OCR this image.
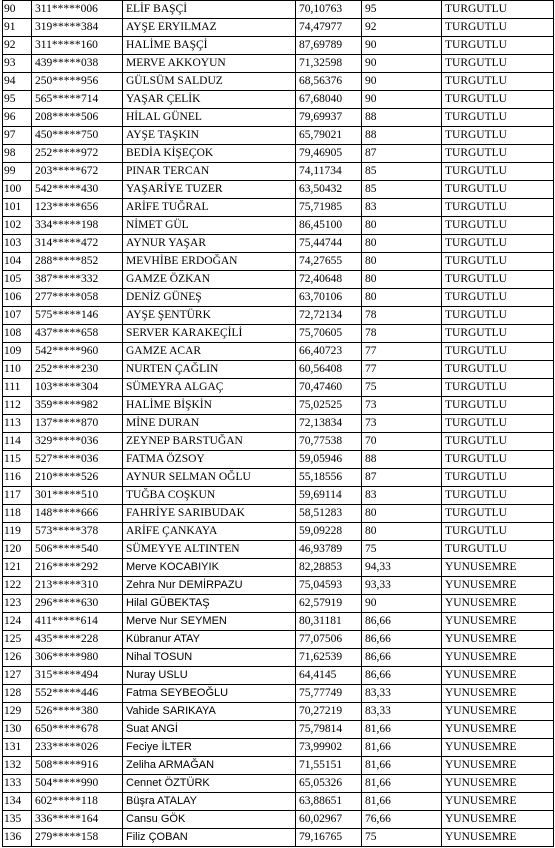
90	311*****006	ELİF BAŞÇİ	70,10763	95	TURGUTLU
91	319*****384	AYŞE ERYILMAZ	74,47977	92	TURGUTLU
92	311*****160	HALİME BAŞÇİ	87,69789	90	TURGUTLU
93	439*****038	MERVE AKKOYUN	71,32598	90	TURGUTLU
94	250*****956	GÜLSÜM SALDUZ	68,56376	90	TURGUTLU
95	565*****714	YAŞAR ÇELİK	67,68040	90	TURGUTLU
96	208*****506	HİLAL GÜNEL	79,69937	88	TURGUTLU
97	450*****750	AYŞE TAŞKIN	65,79021	88	TURGUTLU
98	252*****972	BEDİA KİŞEÇOK	79,46905	87	TURGUTLU
99	203*****672	PINAR TERCAN	74,11734	85	TURGUTLU
100	542*****430	YAŞARİYE TUZER	63,50432	85	TURGUTLU
101	123*****656	ARİFE TUĞRAL	75,71985	83	TURGUTLU
102	334*****198	NİMET GÜL	86,45100	80	TURGUTLU
103	314*****472	AYNUR YAŞAR	75,44744	80	TURGUTLU
104	288*****852	MEVHİBE ERDOĞAN	74,27655	80	TURGUTLU
105	387*****332	GAMZE ÖZKAN	72,40648	80	TURGUTLU
106	277*****058	DENİZ GÜNEŞ	63,70106	80	TURGUTLU
107	575*****146	AYŞE ŞENTÜRK	72,72134	78	TURGUTLU
108	437*****658	SERVER KARAKEÇİLİ	75,70605	78	TURGUTLU
109	542*****960	GAMZE ACAR	66,40723	77	TURGUTLU
110	252*****230	NURTEN ÇAĞLIN	60,56408	77	TURGUTLU
111	103*****304	SÜMEYRA ALGAÇ	70,47460	75	TURGUTLU
112	359*****982	HALİME BİŞKİN	75,02525	73	TURGUTLU
113	137*****870	MİNE DURAN	72,13834	73	TURGUTLU
114	329*****036	ZEYNEP BARSTUĞAN	70,77538	70	TURGUTLU
115	527*****036	FATMA ÖZSOY	59,05946	88	TURGUTLU
116	210*****526	AYNUR SELMAN OĞLU	55,18556	87	TURGUTLU
117	301*****510	TUĞBA COŞKUN	59,69114	83	TURGUTLU
118	148*****666	FAHRİYE SARIBUDAK	58,51283	80	TURGUTLU
119	573*****378	ARİFE ÇANKAYA	59,09228	80	TURGUTLU
120	506*****540	SÜMEYYE ALTINTEN	46,93789	75	TURGUTLU
121	216*****292	Merve KOCABIYIK	82,28853	94,33	YUNUSEMRE
122	213*****310	Zehra Nur DEMİRPAZU	75,04593	93,33	YUNUSEMRE
123	296*****630	Hilal GÜBEKTAŞ	62,57919	90	YUNUSEMRE
124	411*****614	Merve Nur SEYMEN	80,31181	86,66	YUNUSEMRE
125	435*****228	Kübranur ATAY	77,07506	86,66	YUNUSEMRE
126	306*****980	Nihal TOSUN	71,62539	86,66	YUNUSEMRE
127	315*****494	Nuray USLU	64,4145	86,66	YUNUSEMRE
128	552*****446	Fatma SEYBEOĞLU	75,77749	83,33	YUNUSEMRE
129	526*****380	Vahide SARIKAYA	70,27219	83,33	YUNUSEMRE
130	650*****678	Suat ANGİ	75,79814	81,66	YUNUSEMRE
131	233*****026	Feciye İLTER	73,99902	81,66	YUNUSEMRE
132	508*****916	Zeliha ARMAĞAN	71,55151	81,66	YUNUSEMRE
133	504*****990	Cennet ÖZTÜRK	65,05326	81,66	YUNUSEMRE
134	602*****118	Büşra ATALAY	63,88651	81,66	YUNUSEMRE
135	336*****164	Cansu GÖK	60,02967	76,66	YUNUSEMRE
136	279*****158	Filiz ÇOBAN	79,16765	75	YUNUSEMRE
